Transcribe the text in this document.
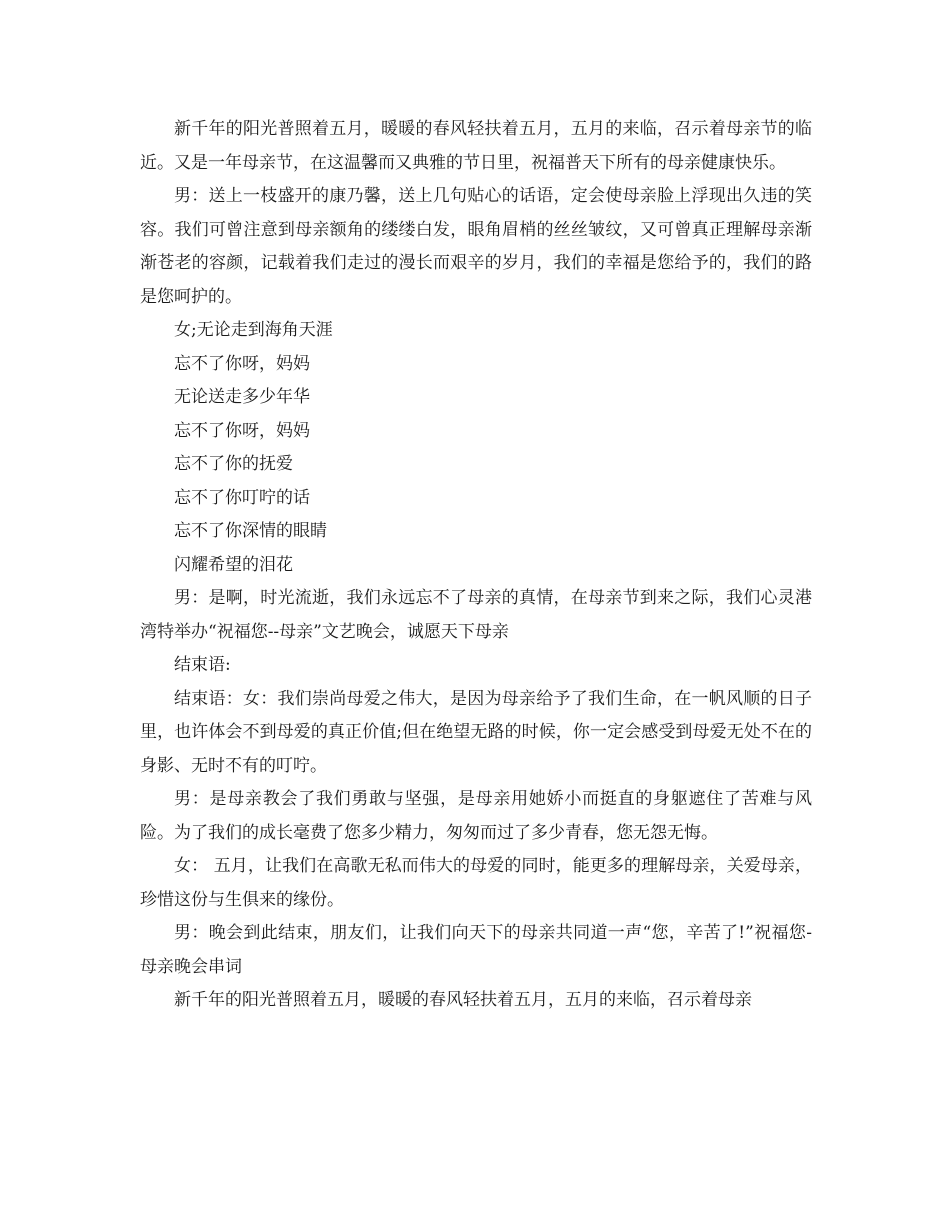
新千年的阳光普照着五月，暖暖的春风轻扶着五月，五月的来临，召示着母亲节的临近。又是一年母亲节，在这温馨而又典雅的节日里，祝福普天下所有的母亲健康快乐。

男：送上一枝盛开的康乃馨，送上几句贴心的话语，定会使母亲脸上浮现出久违的笑容。我们可曾注意到母亲额角的缕缕白发，眼角眉梢的丝丝皱纹，又可曾真正理解母亲渐渐苍老的容颜，记载着我们走过的漫长而艰辛的岁月，我们的幸福是您给予的，我们的路是您呵护的。

女;无论走到海角天涯

忘不了你呀，妈妈

无论送走多少年华

忘不了你呀，妈妈

忘不了你的抚爱

忘不了你叮咛的话

忘不了你深情的眼睛

闪耀希望的泪花

男：是啊，时光流逝，我们永远忘不了母亲的真情，在母亲节到来之际，我们心灵港湾特举办“祝福您--母亲”文艺晚会，诚愿天下母亲

结束语:

结束语：女：我们崇尚母爱之伟大，是因为母亲给予了我们生命，在一帆风顺的日子里，也许体会不到母爱的真正价值;但在绝望无路的时候，你一定会感受到母爱无处不在的身影、无时不有的叮咛。

男：是母亲教会了我们勇敢与坚强，是母亲用她娇小而挺直的身躯遮住了苦难与风险。为了我们的成长毫费了您多少精力，匆匆而过了多少青春，您无怨无悔。

女： 五月，让我们在高歌无私而伟大的母爱的同时，能更多的理解母亲，关爱母亲，珍惜这份与生俱来的缘份。

男：晚会到此结束，朋友们，让我们向天下的母亲共同道一声“您，辛苦了!”祝福您-母亲晚会串词

新千年的阳光普照着五月，暖暖的春风轻扶着五月，五月的来临，召示着母亲
